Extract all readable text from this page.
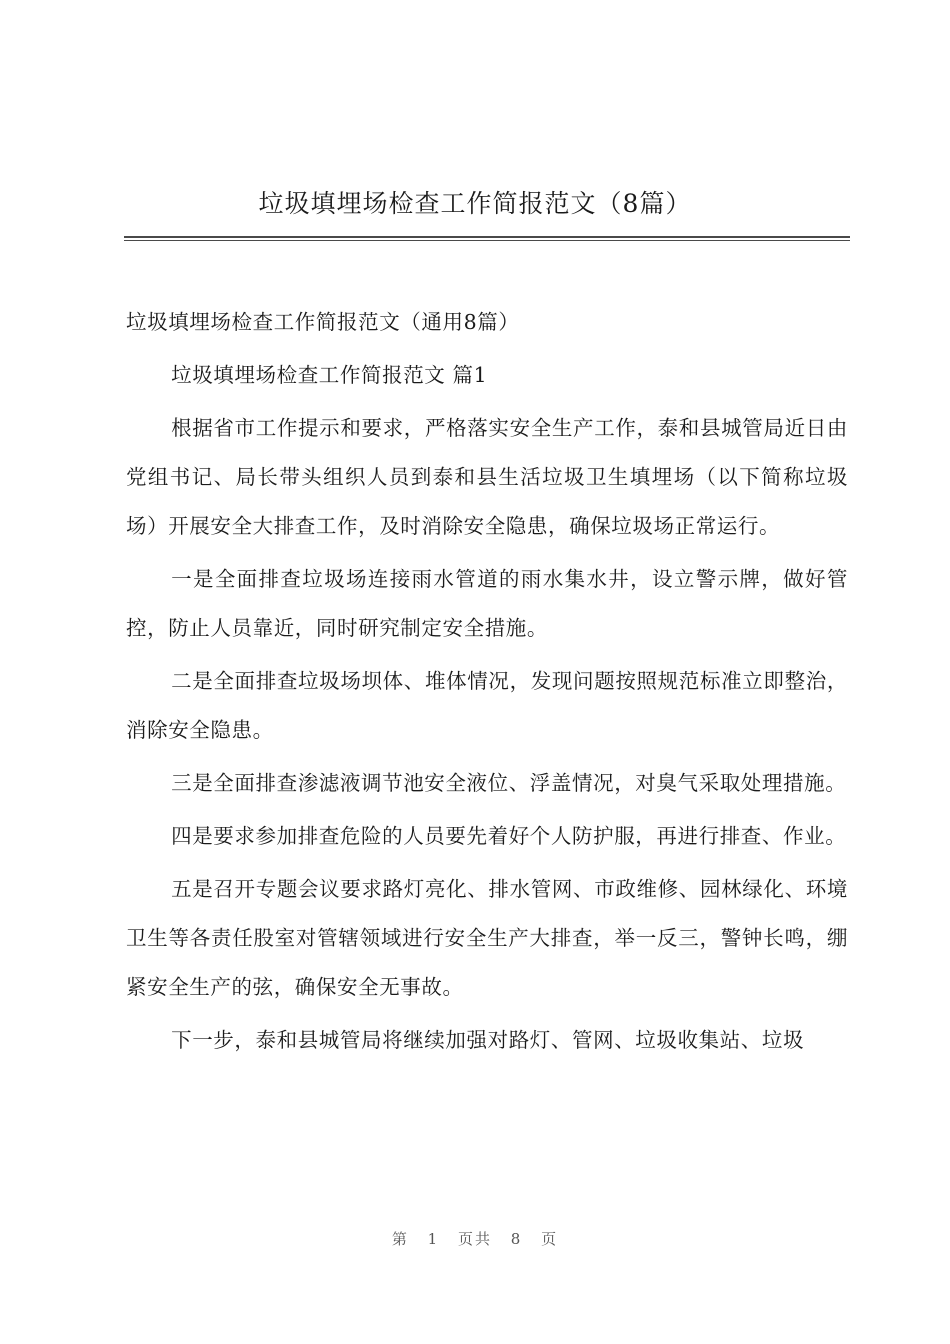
垃圾填埋场检查工作简报范文（8篇）

垃圾填埋场检查工作简报范文（通用8篇）

垃圾填埋场检查工作简报范文 篇1

根据省市工作提示和要求，严格落实安全生产工作，泰和县城管局近日由党组书记、局长带头组织人员到泰和县生活垃圾卫生填埋场（以下简称垃圾场）开展安全大排查工作，及时消除安全隐患，确保垃圾场正常运行。

一是全面排查垃圾场连接雨水管道的雨水集水井，设立警示牌，做好管控，防止人员靠近，同时研究制定安全措施。

二是全面排查垃圾场坝体、堆体情况，发现问题按照规范标准立即整治，消除安全隐患。

三是全面排查渗滤液调节池安全液位、浮盖情况，对臭气采取处理措施。

四是要求参加排查危险的人员要先着好个人防护服，再进行排查、作业。

五是召开专题会议要求路灯亮化、排水管网、市政维修、园林绿化、环境卫生等各责任股室对管辖领域进行安全生产大排查，举一反三，警钟长鸣，绷紧安全生产的弦，确保安全无事故。

下一步，泰和县城管局将继续加强对路灯、管网、垃圾收集站、垃圾

第 1 页共 8 页
